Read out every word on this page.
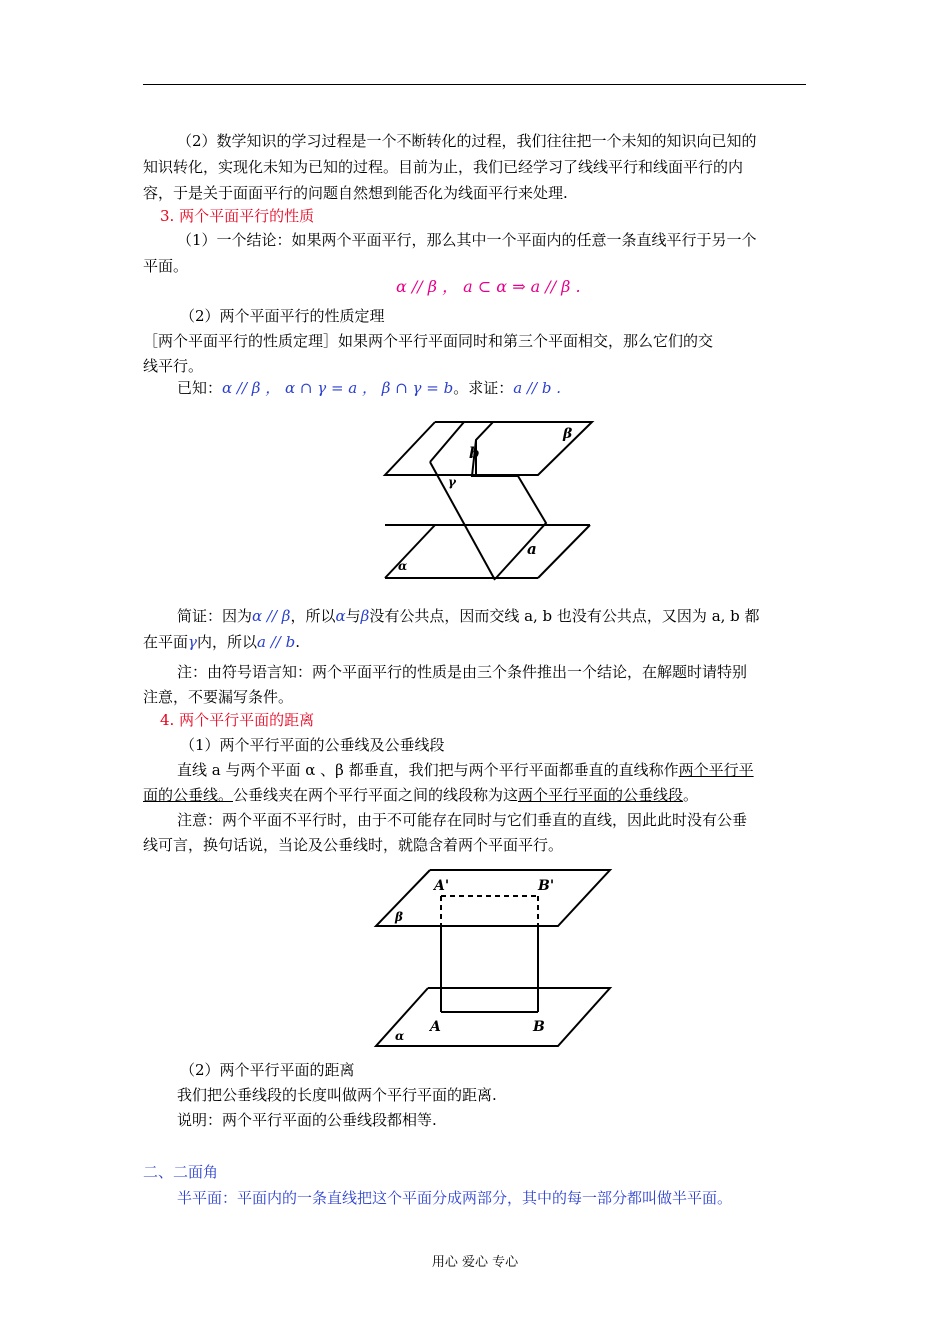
（2）数学知识的学习过程是一个不断转化的过程，我们往往把一个未知的知识向已知的

知识转化，实现化未知为已知的过程。目前为止，我们已经学习了线线平行和线面平行的内

容，于是关于面面平行的问题自然想到能否化为线面平行来处理.

3. 两个平面平行的性质

（1）一个结论：如果两个平面平行，那么其中一个平面内的任意一条直线平行于另一个

平面。

α // β ， a ⊂ α ⇒ a // β .

（2）两个平面平行的性质定理

［两个平面平行的性质定理］如果两个平行平面同时和第三个平面相交，那么它们的交

线平行。

已知：α // β ， α ∩ γ = a ， β ∩ γ = b。求证：a // b .

β
b
γ
a
α

简证：因为α // β，所以α与β没有公共点，因而交线 a, b 也没有公共点，又因为 a, b 都

在平面γ内，所以a // b.

注：由符号语言知：两个平面平行的性质是由三个条件推出一个结论，在解题时请特别

注意，不要漏写条件。

4. 两个平行平面的距离

（1）两个平行平面的公垂线及公垂线段

直线 a 与两个平面 α 、β 都垂直，我们把与两个平行平面都垂直的直线称作两个平行平

面的公垂线。公垂线夹在两个平行平面之间的线段称为这两个平行平面的公垂线段。

注意：两个平面不平行时，由于不可能存在同时与它们垂直的直线，因此此时没有公垂

线可言，换句话说，当论及公垂线时，就隐含着两个平面平行。

A'	B'
β
A	B
α

（2）两个平行平面的距离

我们把公垂线段的长度叫做两个平行平面的距离.

说明：两个平行平面的公垂线段都相等.

二、二面角

半平面：平面内的一条直线把这个平面分成两部分，其中的每一部分都叫做半平面。

用心 爱心 专心
